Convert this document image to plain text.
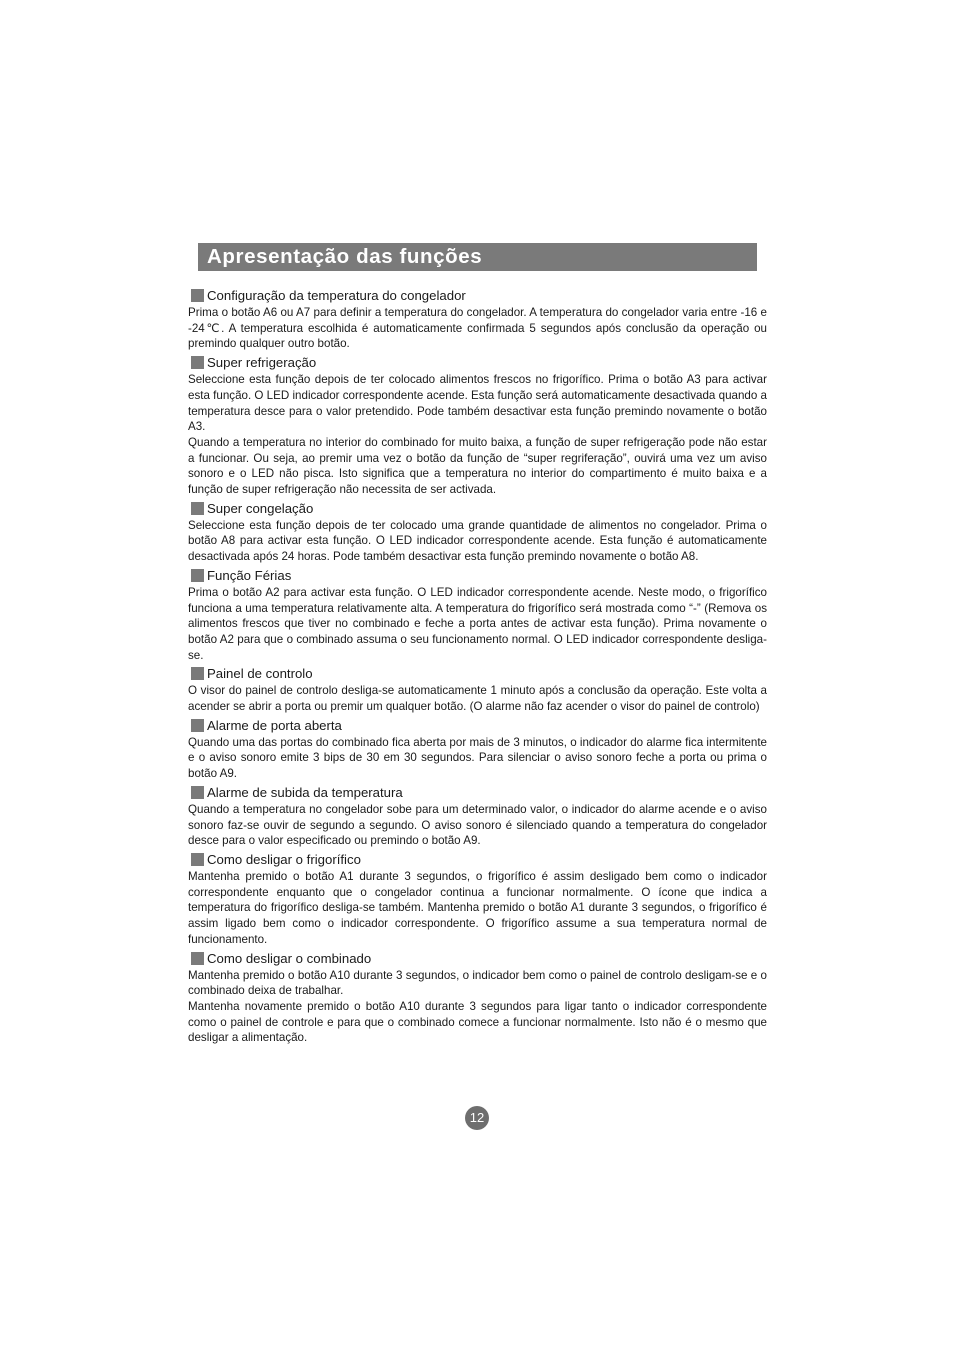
Apresentação das funções
Configuração da temperatura do congelador

Prima o botão A6 ou A7 para definir a temperatura do congelador. A temperatura do congelador varia entre -16 e -24℃. A temperatura escolhida é automaticamente confirmada 5 segundos após conclusão da operação ou premindo qualquer outro botão.

Super refrigeração

Seleccione esta função depois de ter colocado alimentos frescos no frigorífico. Prima o botão A3 para activar esta função. O LED indicador correspondente acende. Esta função será automaticamente desactivada quando a temperatura desce para o valor pretendido. Pode também desactivar esta função premindo novamente o botão A3.

Quando a temperatura no interior do combinado for muito baixa, a função de super refrigeração pode não estar a funcionar. Ou seja, ao premir uma vez o botão da função de “super regriferação”, ouvirá uma vez um aviso sonoro e o LED não pisca. Isto significa que a temperatura no interior do compartimento é muito baixa e a função de super refrigeração não necessita de ser activada.

Super congelação

Seleccione esta função depois de ter colocado uma grande quantidade de alimentos no congelador. Prima o botão A8 para activar esta função. O LED indicador correspondente acende. Esta função é automaticamente desactivada após 24 horas. Pode também desactivar esta função premindo novamente o botão A8.

Função Férias

Prima o botão A2 para activar esta função. O LED indicador correspondente acende. Neste modo, o frigorífico funciona a uma temperatura relativamente alta. A temperatura do frigorífico será mostrada como “-” (Remova os alimentos frescos que tiver no combinado e feche a porta antes de activar esta função). Prima novamente o botão A2 para que o combinado assuma o seu funcionamento normal. O LED indicador correspondente desliga-se.

Painel de controlo

O visor do painel de controlo desliga-se automaticamente 1 minuto após a conclusão da operação. Este volta a acender se abrir a porta ou premir um qualquer botão. (O alarme não faz acender o visor do painel de controlo)

Alarme de porta aberta

Quando uma das portas do combinado fica aberta por mais de 3 minutos, o indicador do alarme fica intermitente e o aviso sonoro emite 3 bips de 30 em 30 segundos. Para silenciar o aviso sonoro feche a porta ou prima o botão A9.

Alarme de subida da temperatura

Quando a temperatura no congelador sobe para um determinado valor, o indicador do alarme acende e o aviso sonoro faz-se ouvir de segundo a segundo. O aviso sonoro é silenciado quando a temperatura do congelador desce para o valor especificado ou premindo o botão A9.

Como desligar o frigorífico

Mantenha premido o botão A1 durante 3 segundos, o frigorífico é assim desligado bem como o indicador correspondente enquanto que o congelador continua a funcionar normalmente. O ícone que indica a temperatura do frigorífico desliga-se também. Mantenha premido o botão A1 durante 3 segundos, o frigorífico é assim ligado bem como o indicador correspondente. O frigorífico assume a sua temperatura normal de funcionamento.

Como desligar o combinado

Mantenha premido o botão A10 durante 3 segundos, o indicador bem como o painel de controlo desligam-se e o combinado deixa de trabalhar.

Mantenha novamente premido o botão A10 durante 3 segundos para ligar tanto o indicador correspondente como o painel de controle e para que o combinado comece a funcionar normalmente. Isto não é o mesmo que desligar a alimentação.

12
